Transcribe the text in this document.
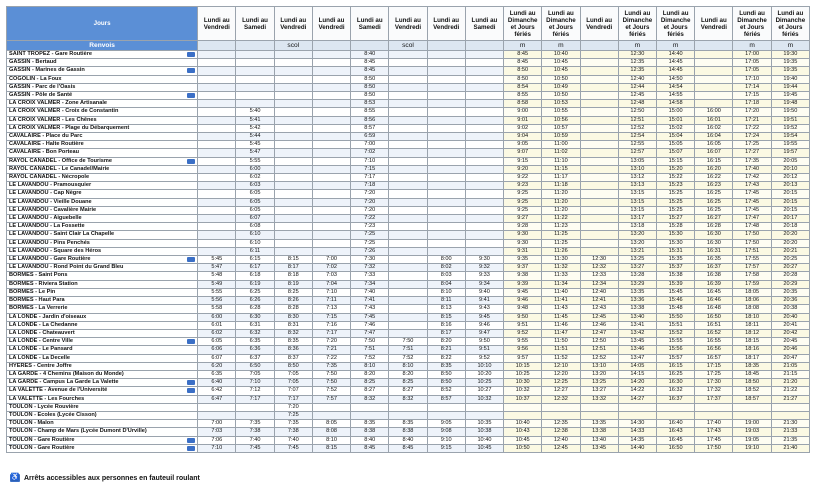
Jours	Lundi au Vendredi	Lundi au Samedi	Lundi au Vendredi	Lundi au Vendredi	Lundi au Samedi	Lundi au Vendredi	Lundi au Vendredi	Lundi au Samedi	Lundi au Dimanche et Jours fériés	Lundi au Dimanche et Jours fériés	Lundi au Vendredi	Lundi au Dimanche et Jours fériés	Lundi au Dimanche et Jours fériés	Lundi au Vendredi	Lundi au Dimanche et Jours fériés	Lundi au Dimanche et Jours fériés
Renvois			scol			scol			m	m		m	m		m	m
SAINT TROPEZ - Gare Routière					8:40				8:45	10:40		12:30	14:40		17:00	19:30
GASSIN - Bertaud					8:45				8:45	10:45		12:35	14:45		17:05	19:35
GASSIN - Marines de Gassin					8:45				8:50	10:45		12:35	14:45		17:05	19:35
COGOLIN - La Foux					8:50				8:50	10:50		12:40	14:50		17:10	19:40
GASSIN - Parc de l'Oasis					8:50				8:54	10:49		12:44	14:54		17:14	19:44
GASSIN - Pôle de Santé					8:50				8:55	10:50		12:45	14:55		17:15	19:45
LA CROIX VALMER - Zone Artisanale					8:53				8:58	10:53		12:48	14:58		17:18	19:48
LA CROIX VALMER - Croix de Constantin		5:40			8:55				9:00	10:55		12:50	15:00	16:00	17:20	19:50
LA CROIX VALMER - Les Chênes		5:41			8:56				9:01	10:56		12:51	15:01	16:01	17:21	19:51
LA CROIX VALMER - Plage du Débarquement		5:42			8:57				9:02	10:57		12:52	15:02	16:02	17:22	19:52
CAVALAIRE - Place du Parc		5:44			6:59				9:04	10:59		12:54	15:04	16:04	17:24	19:54
CAVALAIRE - Halte Routière		5:45			7:00				9:05	11:00		12:55	15:05	16:05	17:25	19:55
CAVALAIRE - Bon Porteau		5:47			7:02				9:07	11:02		12:57	15:07	16:07	17:27	19:57
RAYOL CANADEL - Office de Tourisme		5:55			7:10				9:15	11:10		13:05	15:15	16:15	17:35	20:05
RAYOL CANADEL - Le Canadel/Mairie		6:00			7:15				9:20	11:15		13:10	15:20	16:20	17:40	20:10
RAYOL CANADEL - Nécropole		6:02			7:17				9:22	11:17		13:12	15:22	16:22	17:42	20:12
LE LAVANDOU - Pramousquier		6:03			7:18				9:23	11:18		13:13	15:23	16:23	17:43	20:13
LE LAVANDOU - Cap Nègre		6:05			7:20				9:25	11:20		13:15	15:25	16:25	17:45	20:15
LE LAVANDOU - Vieille Douane		6:05			7:20				9:25	11:20		13:15	15:25	16:25	17:45	20:15
LE LAVANDOU - Cavalière Mairie		6:05			7:20				9:25	11:20		13:15	15:25	16:25	17:45	20:15
LE LAVANDOU - Aiguebelle		6:07			7:22				9:27	11:22		13:17	15:27	16:27	17:47	20:17
LE LAVANDOU - La Fossette		6:08			7:23				9:28	11:23		13:18	15:28	16:28	17:48	20:18
LE LAVANDOU - Saint Clair La Chapelle		6:10			7:25				9:30	11:25		13:20	15:30	16:30	17:50	20:20
LE LAVANDOU - Pins Penchés		6:10			7:25				9:30	11:25		13:20	15:30	16:30	17:50	20:20
LE LAVANDOU - Square des Héros		6:11			7:26				9:31	11:26		13:21	15:31	16:31	17:51	20:21
LE LAVANDOU - Gare Routière	5:45	6:15	8:15	7:00	7:30		8:00	9:30	9:35	11:30	12:30	13:25	15:35	16:35	17:55	20:25
LE LAVANDOU - Rond Point du Grand Bleu	5:47	6:17	8:17	7:02	7:32		8:02	9:32	9:37	11:32	12:32	13:27	15:37	16:37	17:57	20:27
BORMES - Saint Pons	5:48	6:18	8:18	7:03	7:33		8:03	9:33	9:38	11:33	12:33	13:28	15:38	16:38	17:58	20:28
BORMES - Riviera Station	5:49	6:19	8:19	7:04	7:34		8:04	9:34	9:39	11:34	12:34	13:29	15:39	16:39	17:59	20:29
BORMES - Le Pin	5:55	6:25	8:25	7:10	7:40		8:10	9:40	9:45	11:40	12:40	13:35	15:45	16:45	18:05	20:35
BORMES - Haut Para	5:56	6:26	8:26	7:11	7:41		8:11	9:41	9:46	11:41	12:41	13:36	15:46	16:46	18:06	20:36
BORMES - La Verrerie	5:58	6:28	8:28	7:13	7:43		8:13	9:43	9:48	11:43	12:43	13:38	15:48	16:48	18:08	20:38
LA LONDE - Jardin d'oiseaux	6:00	6:30	8:30	7:15	7:45		8:15	9:45	9:50	11:45	12:45	13:40	15:50	16:50	18:10	20:40
LA LONDE - La Chedanne	6:01	6:31	8:31	7:16	7:46		8:16	9:46	9:51	11:46	12:46	13:41	15:51	16:51	18:11	20:41
LA LONDE - Chateauvert	6:02	6:32	8:32	7:17	7:47		8:17	9:47	9:52	11:47	12:47	13:42	15:52	16:52	18:12	20:42
LA LONDE - Centre Ville	6:05	6:35	8:35	7:20	7:50	7:50	8:20	9:50	9:55	11:50	12:50	13:45	15:55	16:55	18:15	20:45
LA LONDE - Le Pansard	6:06	6:36	8:36	7:21	7:51	7:51	8:21	9:51	9:56	11:51	12:51	13:46	15:56	16:56	18:16	20:46
LA LONDE - La Decelle	6:07	6:37	8:37	7:22	7:52	7:52	8:22	9:52	9:57	11:52	12:52	13:47	15:57	16:57	18:17	20:47
HYERES - Centre Joffre	6:20	6:50	8:50	7:35	8:10	8:10	8:35	10:10	10:15	12:10	13:10	14:05	16:15	17:15	18:35	21:05
LA GARDE - 4 Chemins (Maison du Monde)	6:35	7:05	7:05	7:50	8:20	8:20	8:50	10:20	10:25	12:20	13:20	14:15	16:25	17:25	18:45	21:15
LA GARDE - Campus La Garde La Valette	6:40	7:10	7:05	7:50	8:25	8:25	8:50	10:25	10:30	12:25	13:25	14:20	16:30	17:30	18:50	21:20
LA VALETTE - Avenue de l'Université	6:42	7:12	7:07	7:52	8:27	8:27	8:52	10:27	10:32	12:27	13:27	14:22	16:32	17:32	18:52	21:22
LA VALETTE - Les Fourches	6:47	7:17	7:17	7:57	8:32	8:32	8:57	10:32	10:37	12:32	13:32	14:27	16:37	17:37	18:57	21:27
TOULON - Lycée Rouvière			7:20													
TOULON - Ecoles (Lycée Cisson)			7:25													
TOULON - Malon	7:00	7:35	7:35	8:05	8:35	8:35	9:05	10:35	10:40	12:35	13:35	14:30	16:40	17:40	19:00	21:30
TOULON - Champ de Mars (Lycée Dumont D'Urville)	7:03	7:38	7:38	8:08	8:38	8:38	9:08	10:38	10:43	12:38	13:38	14:33	16:43	17:43	19:03	21:33
TOULON - Gare Routière	7:06	7:40	7:40	8:10	8:40	8:40	9:10	10:40	10:45	12:40	13:40	14:35	16:45	17:45	19:05	21:35
TOULON - Gare Routière	7:10	7:45	7:45	8:15	8:45	8:45	9:15	10:45	10:50	12:45	13:45	14:40	16:50	17:50	19:10	21:40
♿ Arrêts accessibles aux personnes en fauteuil roulant
